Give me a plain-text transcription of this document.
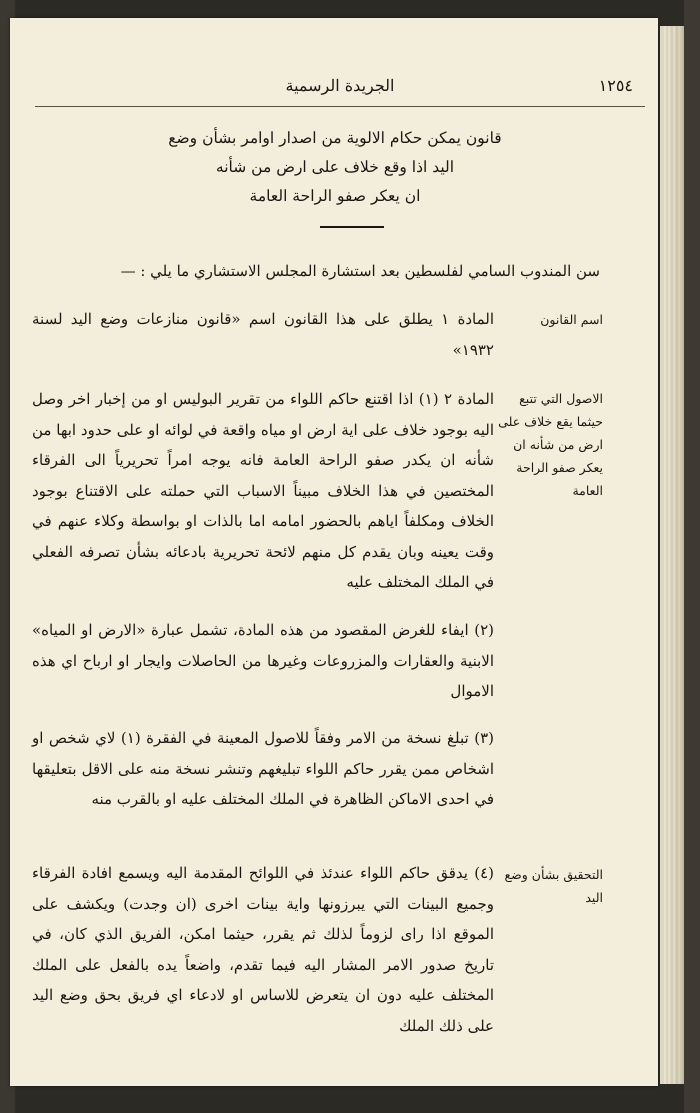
١٢٥٤
الجريدة الرسمية
قانون يمكن حكام الالوية من اصدار اوامر بشأن وضع
اليد اذا وقع خلاف على ارض من شأنه
ان يعكر صفو الراحة العامة
سن المندوب السامي لفلسطين بعد استشارة المجلس الاستشاري ما يلي : —
اسم القانون
المادة ١ يطلق على هذا القانون اسم «قانون منازعات وضع اليد لسنة ١٩٣٢»
الاصول التي تتبع حيثما يقع خلاف على ارض من شأنه ان يعكر صفو الراحة العامة
المادة ٢ (١) اذا اقتنع حاكم اللواء من تقرير البوليس او من إخبار اخر وصل اليه بوجود خلاف على اية ارض او مياه واقعة في لوائه او على حدود ابها من شأنه ان يكدر صفو الراحة العامة فانه يوجه امراً تحريرياً الى الفرقاء المختصين في هذا الخلاف مبيناً الاسباب التي حملته على الاقتناع بوجود الخلاف ومكلفاً اياهم بالحضور امامه اما بالذات او بواسطة وكلاء عنهم في وقت يعينه وبان يقدم كل منهم لائحة تحريرية بادعائه بشأن تصرفه الفعلي في الملك المختلف عليه
(٢) ايفاء للغرض المقصود من هذه المادة، تشمل عبارة «الارض او المياه» الابنية والعقارات والمزروعات وغيرها من الحاصلات وايجار او ارباح اي هذه الاموال
(٣) تبلغ نسخة من الامر وفقاً للاصول المعينة في الفقرة (١) لاي شخص او اشخاص ممن يقرر حاكم اللواء تبليغهم وتنشر نسخة منه على الاقل بتعليقها في احدى الاماكن الظاهرة في الملك المختلف عليه او بالقرب منه
التحقيق بشأن وضع اليد
(٤) يدقق حاكم اللواء عندئذ في اللوائح المقدمة اليه ويسمع افادة الفرقاء وجميع البينات التي يبرزونها واية بينات اخرى (ان وجدت) ويكشف على الموقع اذا راى لزوماً لذلك ثم يقرر، حيثما امكن، الفريق الذي كان، في تاريخ صدور الامر المشار اليه فيما تقدم، واضعاً يده بالفعل على الملك المختلف عليه دون ان يتعرض للاساس او لادعاء اي فريق بحق وضع اليد على ذلك الملك
